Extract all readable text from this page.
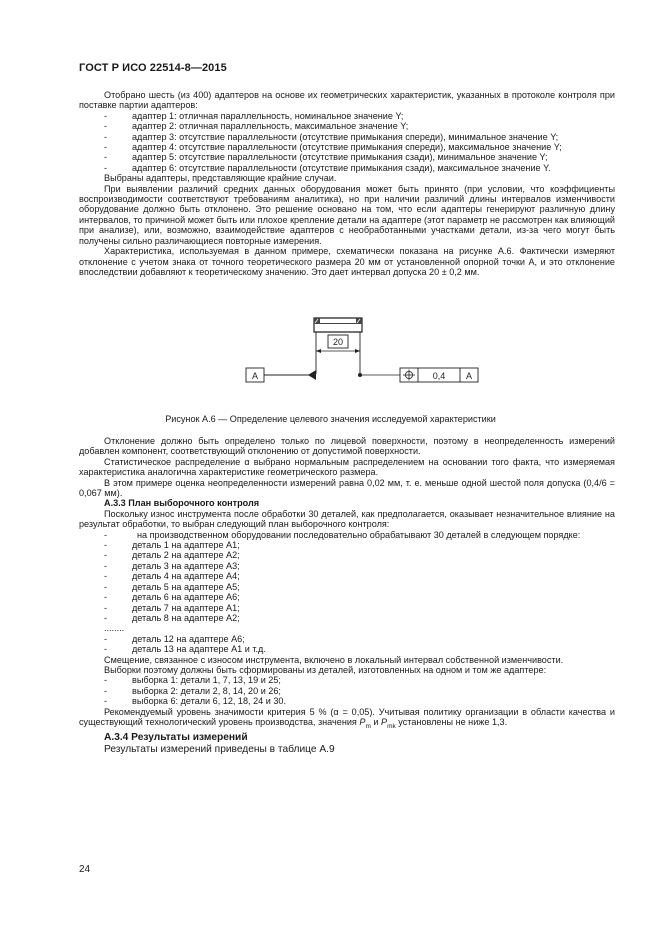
ГОСТ Р ИСО 22514-8—2015

Отобрано шесть (из 400) адаптеров на основе их геометрических характеристик, указанных в протоколе контроля при поставке партии адаптеров:

-	адаптер 1: отличная параллельность, номинальное значение Y;

-	адаптер 2: отличная параллельность, максимальное значение Y;

-	адаптер 3: отсутствие параллельности (отсутствие примыкания спереди), минимальное значение Y;

-	адаптер 4: отсутствие параллельности (отсутствие примыкания спереди), максимальное значение Y;

-	адаптер 5: отсутствие параллельности (отсутствие примыкания сзади), минимальное значение Y;

-	адаптер 6: отсутствие параллельности (отсутствие примыкания сзади), максимальное значение Y.

Выбраны адаптеры, представляющие крайние случаи.

При выявлении различий средних данных оборудования может быть принято (при условии, что коэффициенты воспроизводимости соответствуют требованиям аналитика), но при наличии различий длины интервалов изменчивости оборудование должно быть отклонено. Это решение основано на том, что если адаптеры генерируют различную длину интервалов, то причиной может быть или плохое крепление детали на адаптере (этот параметр не рассмотрен как влияющий при анализе), или, возможно, взаимодействие адаптеров с необработанными участками детали, из-за чего могут быть получены сильно различающиеся повторные измерения.

Характеристика, используемая в данном примере, схематически показана на рисунке А.6. Фактически измеряют отклонение с учетом знака от точного теоретического размера 20 мм от установленной опорной точки А, и это отклонение впоследствии добавляют к теоретическому значению. Это дает интервал допуска 20 ± 0,2 мм.

20
A	0,4 A
Рисунок А.6 — Определение целевого значения исследуемой характеристики

Отклонение должно быть определено только по лицевой поверхности, поэтому в неопределенность измерений добавлен компонент, соответствующий отклонению от допустимой поверхности.

Статистическое распределение α выбрано нормальным распределением на основании того факта, что измеряемая характеристика аналогична характеристике геометрического размера.

В этом примере оценка неопределенности измерений равна 0,02 мм, т. е. меньше одной шестой поля допуска (0,4/6 = 0,067 мм).

А.3.3 План выборочного контроля

Поскольку износ инструмента после обработки 30 деталей, как предполагается, оказывает незначительное влияние на результат обработки, то выбран следующий план выборочного контроля:

-	на производственном оборудовании последовательно обрабатывают 30 деталей в следующем порядке:

-	деталь 1 на адаптере А1;

-	деталь 2 на адаптере А2;

-	деталь 3 на адаптере А3;

-	деталь 4 на адаптере А4;

-	деталь 5 на адаптере А5;

-	деталь 6 на адаптере А6;

-	деталь 7 на адаптере А1;

-	деталь 8 на адаптере А2;

........

-	деталь 12 на адаптере А6;

-	деталь 13 на адаптере А1 и т.д.

Смещение, связанное с износом инструмента, включено в локальный интервал собственной изменчивости.

Выборки поэтому должны быть сформированы из деталей, изготовленных на одном и том же адаптере:

-	выборка 1: детали 1, 7, 13, 19 и 25;

-	выборка 2: детали 2, 8, 14, 20 и 26;

-	выборка 6: детали 6, 12, 18, 24 и 30.

Рекомендуемый уровень значимости критерия 5 % (α = 0,05). Учитывая политику организации в области качества и существующий технологический уровень производства, значения $P_m$ и $P_{mk}$ установлены не ниже 1,3.

А.3.4 Результаты измерений

Результаты измерений приведены в таблице А.9

24
